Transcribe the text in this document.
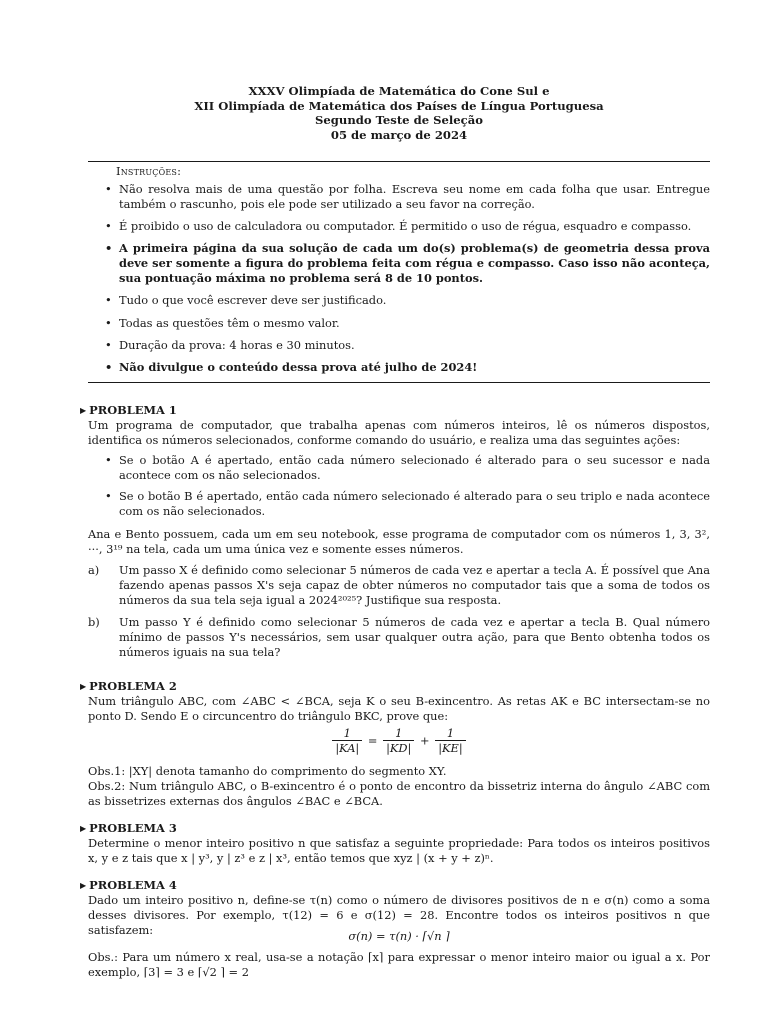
XXXV Olimpíada de Matemática do Cone Sul e
XII Olimpíada de Matemática dos Países de Língua Portuguesa
Segundo Teste de Seleção
05 de março de 2024
Instruções:
• Não resolva mais de uma questão por folha. Escreva seu nome em cada folha que usar. Entregue também o rascunho, pois ele pode ser utilizado a seu favor na correção.
• É proibido o uso de calculadora ou computador. É permitido o uso de régua, esquadro e compasso.
• A primeira página da sua solução de cada um do(s) problema(s) de geometria dessa prova deve ser somente a figura do problema feita com régua e compasso. Caso isso não aconteça, sua pontuação máxima no problema será 8 de 10 pontos.
• Tudo o que você escrever deve ser justificado.
• Todas as questões têm o mesmo valor.
• Duração da prova: 4 horas e 30 minutos.
• Não divulgue o conteúdo dessa prova até julho de 2024!
▶ PROBLEMA 1
Um programa de computador, que trabalha apenas com números inteiros, lê os números dispostos, identifica os números selecionados, conforme comando do usuário, e realiza uma das seguintes ações:
• Se o botão A é apertado, então cada número selecionado é alterado para o seu sucessor e nada acontece com os não selecionados.
• Se o botão B é apertado, então cada número selecionado é alterado para o seu triplo e nada acontece com os não selecionados.
Ana e Bento possuem, cada um em seu notebook, esse programa de computador com os números 1, 3, 3², ···, 3¹⁹ na tela, cada um uma única vez e somente esses números.
a) Um passo X é definido como selecionar 5 números de cada vez e apertar a tecla A. É possível que Ana fazendo apenas passos X's seja capaz de obter números no computador tais que a soma de todos os números da sua tela seja igual a 2024²⁰²⁵? Justifique sua resposta.
b) Um passo Y é definido como selecionar 5 números de cada vez e apertar a tecla B. Qual número mínimo de passos Y's necessários, sem usar qualquer outra ação, para que Bento obtenha todos os números iguais na sua tela?
▶ PROBLEMA 2
Num triângulo ABC, com ∠ABC < ∠BCA, seja K o seu B-exincentro. As retas AK e BC intersectam-se no ponto D. Sendo E o circuncentro do triângulo BKC, prove que:
$\frac{1}{|KA|} = \frac{1}{|KD|} + \frac{1}{|KE|}$
Obs.1: |XY| denota tamanho do comprimento do segmento XY.
Obs.2: Num triângulo ABC, o B-exincentro é o ponto de encontro da bissetriz interna do ângulo ∠ABC com as bissetrizes externas dos ângulos ∠BAC e ∠BCA.
▶ PROBLEMA 3
Determine o menor inteiro positivo n que satisfaz a seguinte propriedade: Para todos os inteiros positivos x, y e z tais que x | y³, y | z³ e z | x³, então temos que xyz | (x + y + z)ⁿ.
▶ PROBLEMA 4
Dado um inteiro positivo n, define-se τ(n) como o número de divisores positivos de n e σ(n) como a soma desses divisores. Por exemplo, τ(12) = 6 e σ(12) = 28. Encontre todos os inteiros positivos n que satisfazem:	σ(n) = τ(n) · ⌈√n ⌉
Obs.: Para um número x real, usa-se a notação ⌈x⌉ para expressar o menor inteiro maior ou igual a x. Por exemplo, ⌈3⌉ = 3 e ⌈√2 ⌉ = 2
